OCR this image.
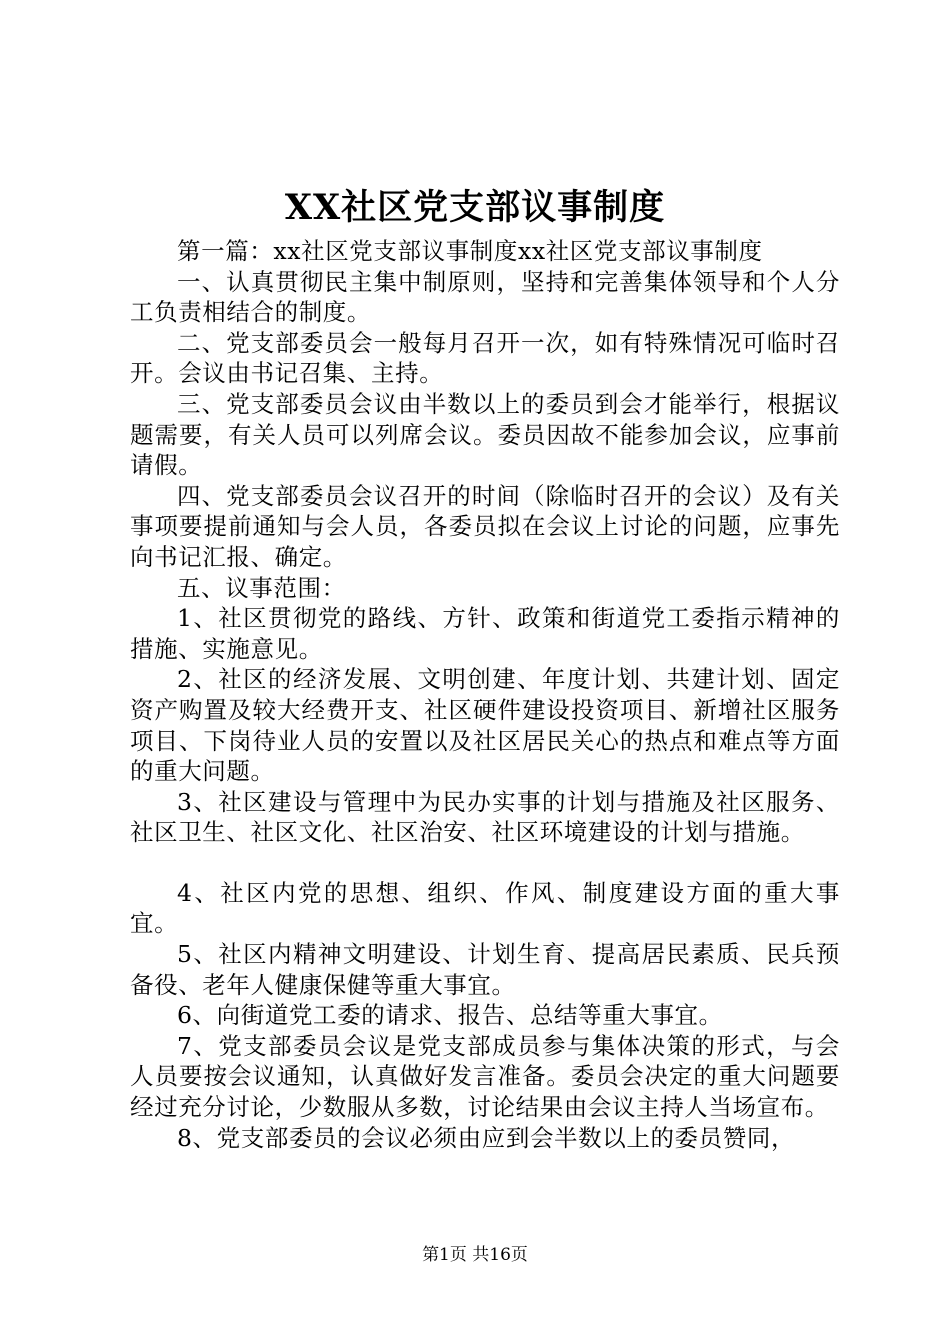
XX社区党支部议事制度

第一篇：xx社区党支部议事制度xx社区党支部议事制度

一、认真贯彻民主集中制原则，坚持和完善集体领导和个人分工负责相结合的制度。

二、党支部委员会一般每月召开一次，如有特殊情况可临时召开。会议由书记召集、主持。

三、党支部委员会议由半数以上的委员到会才能举行，根据议题需要，有关人员可以列席会议。委员因故不能参加会议，应事前请假。

四、党支部委员会议召开的时间（除临时召开的会议）及有关事项要提前通知与会人员，各委员拟在会议上讨论的问题，应事先向书记汇报、确定。

五、议事范围：

1、社区贯彻党的路线、方针、政策和街道党工委指示精神的措施、实施意见。

2、社区的经济发展、文明创建、年度计划、共建计划、固定资产购置及较大经费开支、社区硬件建设投资项目、新增社区服务项目、下岗待业人员的安置以及社区居民关心的热点和难点等方面的重大问题。

3、社区建设与管理中为民办实事的计划与措施及社区服务、社区卫生、社区文化、社区治安、社区环境建设的计划与措施。

4、社区内党的思想、组织、作风、制度建设方面的重大事宜。

5、社区内精神文明建设、计划生育、提高居民素质、民兵预备役、老年人健康保健等重大事宜。

6、向街道党工委的请求、报告、总结等重大事宜。

7、党支部委员会议是党支部成员参与集体决策的形式，与会人员要按会议通知，认真做好发言准备。委员会决定的重大问题要经过充分讨论，少数服从多数，讨论结果由会议主持人当场宣布。

8、党支部委员的会议必须由应到会半数以上的委员赞同，

第1页 共16页
